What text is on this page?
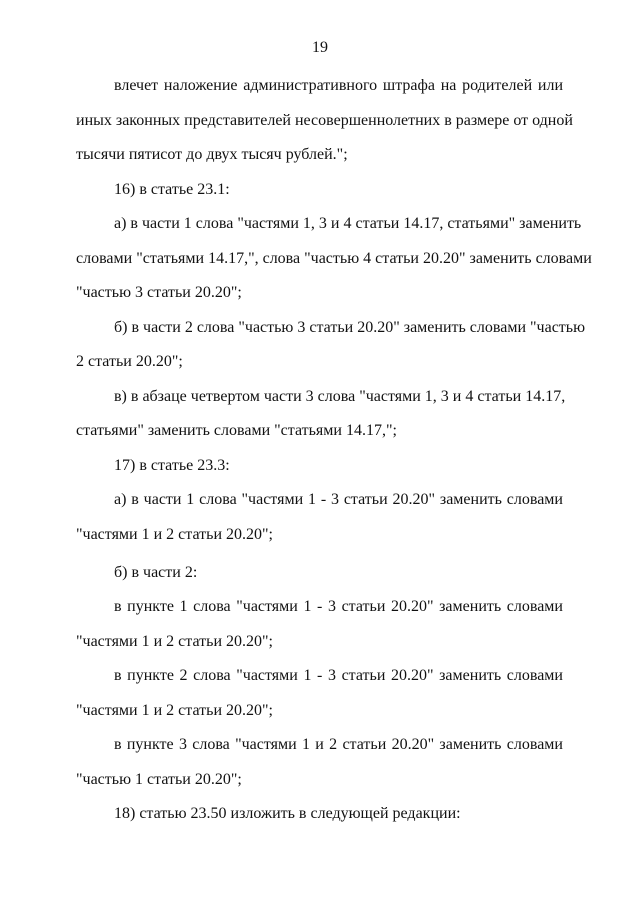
19
влечет наложение административного штрафа на родителей или
иных законных представителей несовершеннолетних в размере от одной
тысячи пятисот до двух тысяч рублей.";
16) в статье 23.1:
а) в части 1 слова "частями 1, 3 и 4 статьи 14.17, статьями" заменить
словами "статьями 14.17,", слова "частью 4 статьи 20.20" заменить словами
"частью 3 статьи 20.20";
б) в части 2 слова "частью 3 статьи 20.20" заменить словами "частью
2 статьи 20.20";
в) в абзаце четвертом части 3 слова "частями 1, 3 и 4 статьи 14.17,
статьями" заменить словами "статьями 14.17,";
17) в статье 23.3:
а) в части 1 слова "частями 1 - 3 статьи 20.20" заменить словами
"частями 1 и 2 статьи 20.20";
б) в части 2:
в пункте 1 слова "частями 1 - 3 статьи 20.20" заменить словами
"частями 1 и 2 статьи 20.20";
в пункте 2 слова "частями 1 - 3 статьи 20.20" заменить словами
"частями 1 и 2 статьи 20.20";
в пункте 3 слова "частями 1 и 2 статьи 20.20" заменить словами
"частью 1 статьи 20.20";
18) статью 23.50 изложить в следующей редакции:
